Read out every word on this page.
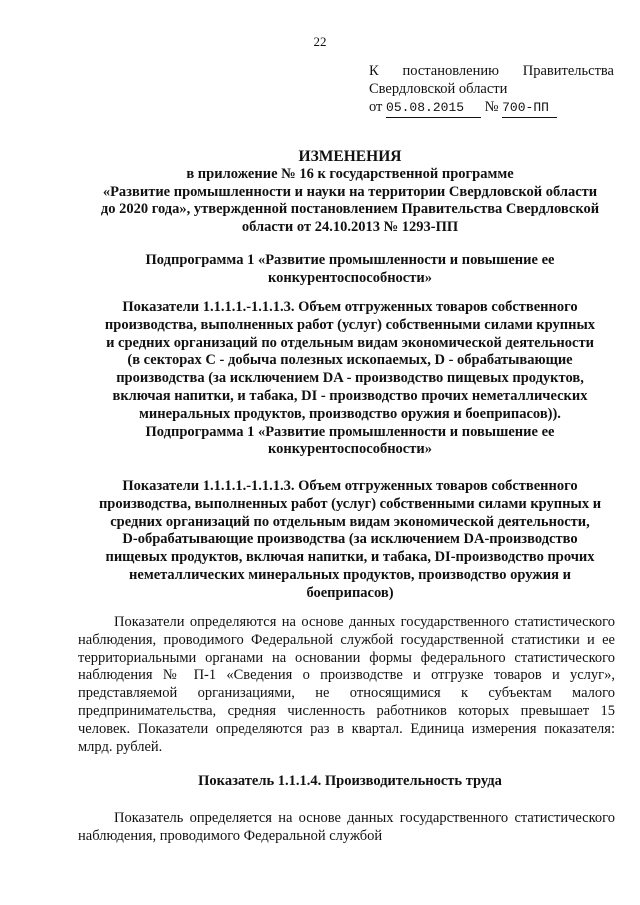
22
К постановлению Правительства
Свердловской области
от 05.08.2015 № 700-ПП
ИЗМЕНЕНИЯ
в приложение № 16 к государственной программе
«Развитие промышленности и науки на территории Свердловской области
до 2020 года», утвержденной постановлением Правительства Свердловской
области от 24.10.2013 № 1293-ПП
Подпрограмма 1 «Развитие промышленности и повышение ее
конкурентоспособности»
Показатели 1.1.1.1.-1.1.1.3. Объем отгруженных товаров собственного
производства, выполненных работ (услуг) собственными силами крупных
и средних организаций по отдельным видам экономической деятельности
(в секторах С - добыча полезных ископаемых, D - обрабатывающие
производства (за исключением DA - производство пищевых продуктов,
включая напитки, и табака, DI - производство прочих неметаллических
минеральных продуктов, производство оружия и боеприпасов)).
Подпрограмма 1 «Развитие промышленности и повышение ее
конкурентоспособности»
Показатели 1.1.1.1.-1.1.1.3. Объем отгруженных товаров собственного
производства, выполненных работ (услуг) собственными силами крупных и
средних организаций по отдельным видам экономической деятельности,
D-обрабатывающие производства (за исключением DA-производство
пищевых продуктов, включая напитки, и табака, DI-производство прочих
неметаллических минеральных продуктов, производство оружия и
боеприпасов)
Показатели определяются на основе данных государственного статистического наблюдения, проводимого Федеральной службой государственной статистики и ее территориальными органами на основании формы федерального статистического наблюдения № П-1 «Сведения о производстве и отгрузке товаров и услуг», представляемой организациями, не относящимися к субъектам малого предпринимательства, средняя численность работников которых превышает 15 человек. Показатели определяются раз в квартал. Единица измерения показателя: млрд. рублей.
Показатель 1.1.1.4. Производительность труда
Показатель определяется на основе данных государственного статистического наблюдения, проводимого Федеральной службой
